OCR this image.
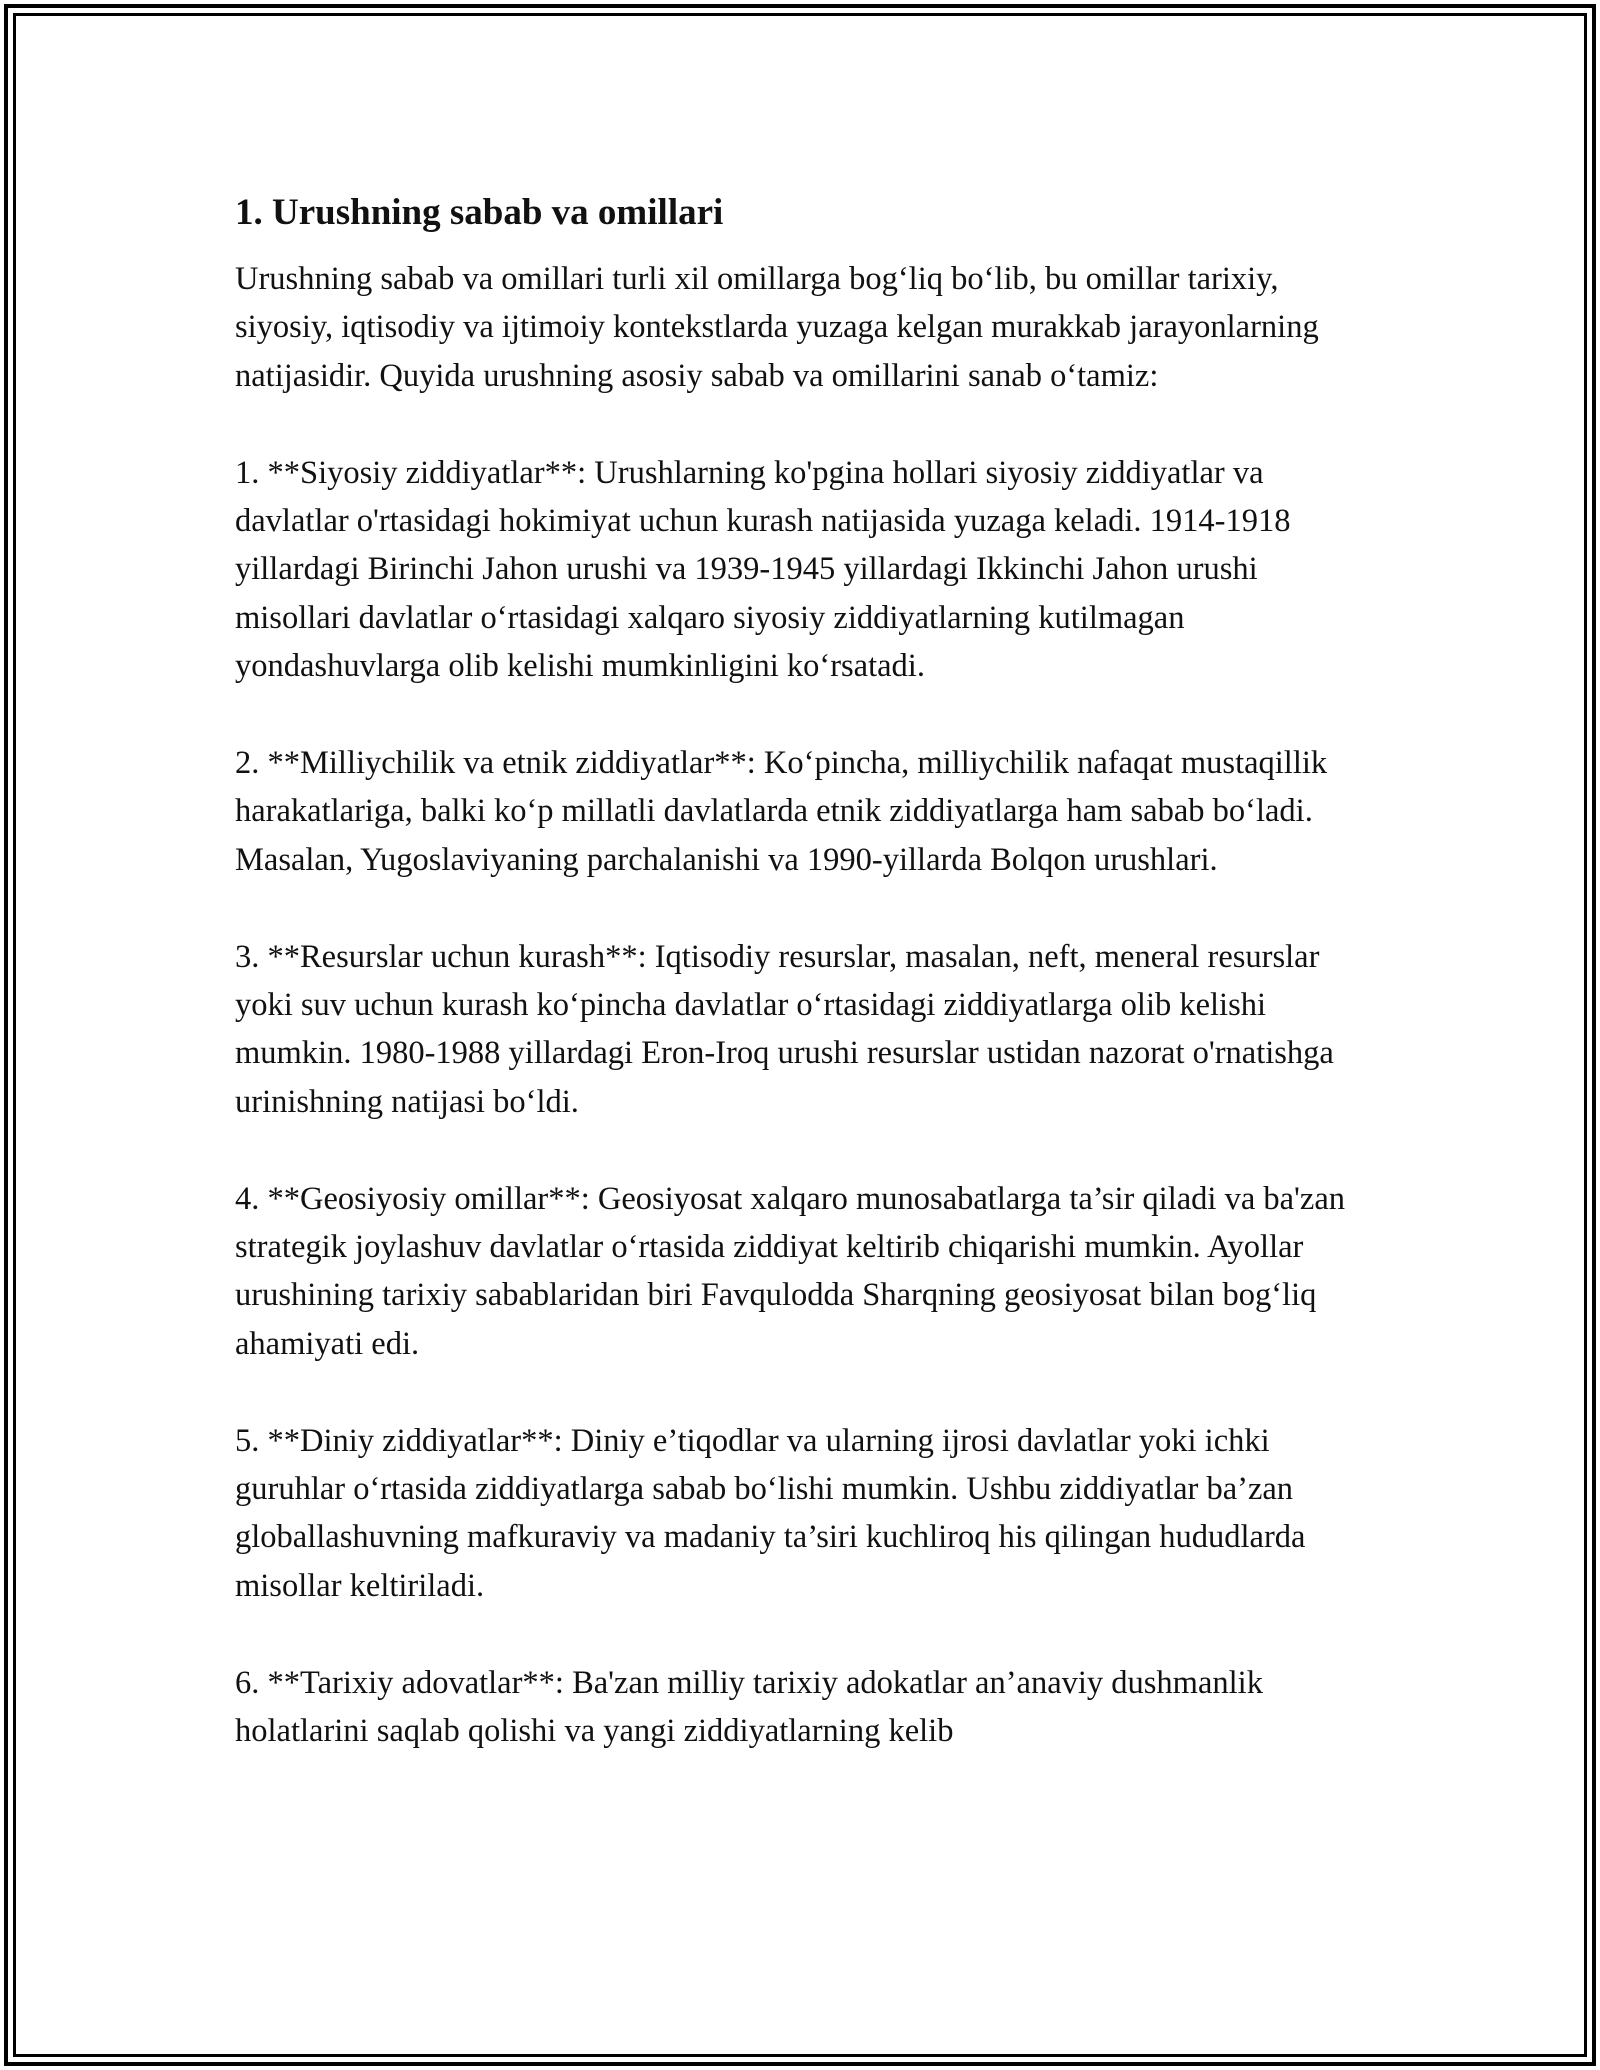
1. Urushning sabab va omillari

Urushning sabab va omillari turli xil omillarga bog‘liq bo‘lib, bu omillar tarixiy, siyosiy, iqtisodiy va ijtimoiy kontekstlarda yuzaga kelgan murakkab jarayonlarning natijasidir. Quyida urushning asosiy sabab va omillarini sanab o‘tamiz:

1. **Siyosiy ziddiyatlar**: Urushlarning ko'pgina hollari siyosiy ziddiyatlar va davlatlar o'rtasidagi hokimiyat uchun kurash natijasida yuzaga keladi. 1914-1918 yillardagi Birinchi Jahon urushi va 1939-1945 yillardagi Ikkinchi Jahon urushi misollari davlatlar o‘rtasidagi xalqaro siyosiy ziddiyatlarning kutilmagan yondashuvlarga olib kelishi mumkinligini ko‘rsatadi.

2. **Milliychilik va etnik ziddiyatlar**: Ko‘pincha, milliychilik nafaqat mustaqillik harakatlariga, balki ko‘p millatli davlatlarda etnik ziddiyatlarga ham sabab bo‘ladi. Masalan, Yugoslaviyaning parchalanishi va 1990-yillarda Bolqon urushlari.

3. **Resurslar uchun kurash**: Iqtisodiy resurslar, masalan, neft, meneral resurslar yoki suv uchun kurash ko‘pincha davlatlar o‘rtasidagi ziddiyatlarga olib kelishi mumkin. 1980-1988 yillardagi Eron-Iroq urushi resurslar ustidan nazorat o'rnatishga urinishning natijasi bo‘ldi.

4. **Geosiyosiy omillar**: Geosiyosat xalqaro munosabatlarga ta’sir qiladi va ba'zan strategik joylashuv davlatlar o‘rtasida ziddiyat keltirib chiqarishi mumkin. Ayollar urushining tarixiy sabablaridan biri Favqulodda Sharqning geosiyosat bilan bog‘liq ahamiyati edi.

5. **Diniy ziddiyatlar**: Diniy e’tiqodlar va ularning ijrosi davlatlar yoki ichki guruhlar o‘rtasida ziddiyatlarga sabab bo‘lishi mumkin. Ushbu ziddiyatlar ba’zan globallashuvning mafkuraviy va madaniy ta’siri kuchliroq his qilingan hududlarda misollar keltiriladi.

6. **Tarixiy adovatlar**: Ba'zan milliy tarixiy adokatlar an’anaviy dushmanlik holatlarini saqlab qolishi va yangi ziddiyatlarning kelib
